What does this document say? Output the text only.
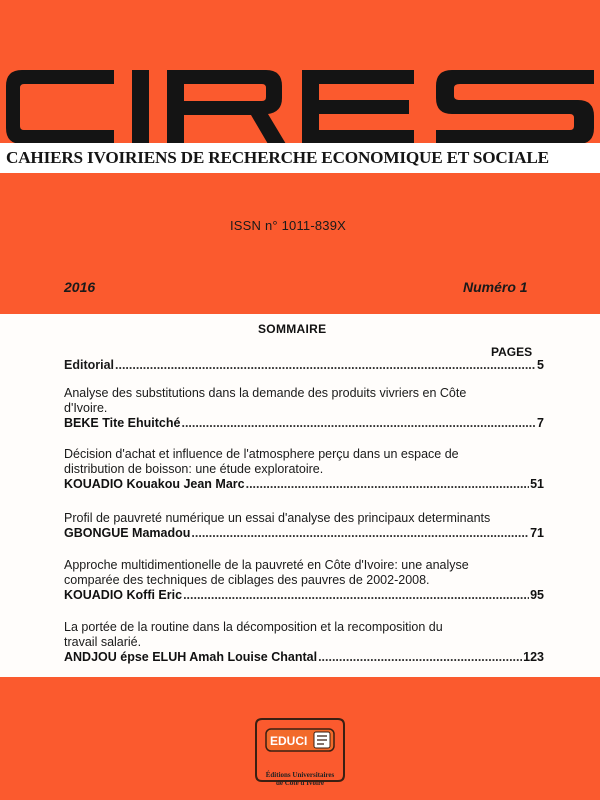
CIRES
CAHIERS IVOIRIENS DE RECHERCHE ECONOMIQUE ET SOCIALE
ISSN n° 1011-839X
2016	Numéro 1
SOMMAIRE
PAGES
Editorial .....	5
Analyse des substitutions dans la demande des produits vivriers en Côte
d'Ivoire.
BEKE Tite Ehuitché .....	7
Décision d'achat et influence de l'atmosphere perçu dans un espace de
distribution de boisson: une étude exploratoire.
KOUADIO Kouakou Jean Marc .....	51
Profil de pauvreté numérique un essai d'analyse des principaux determinants
GBONGUE Mamadou .....	71
Approche multidimentionelle de la pauvreté en Côte d'Ivoire: une analyse
comparée des techniques de ciblages des pauvres de 2002-2008.
KOUADIO Koffi Eric .....	95
La portée de la routine dans la décomposition et la recomposition du
travail salarié.
ANDJOU épse ELUH Amah Louise Chantal .....	123
EDUCI
Éditions Universitaires
de Côte d'Ivoire
